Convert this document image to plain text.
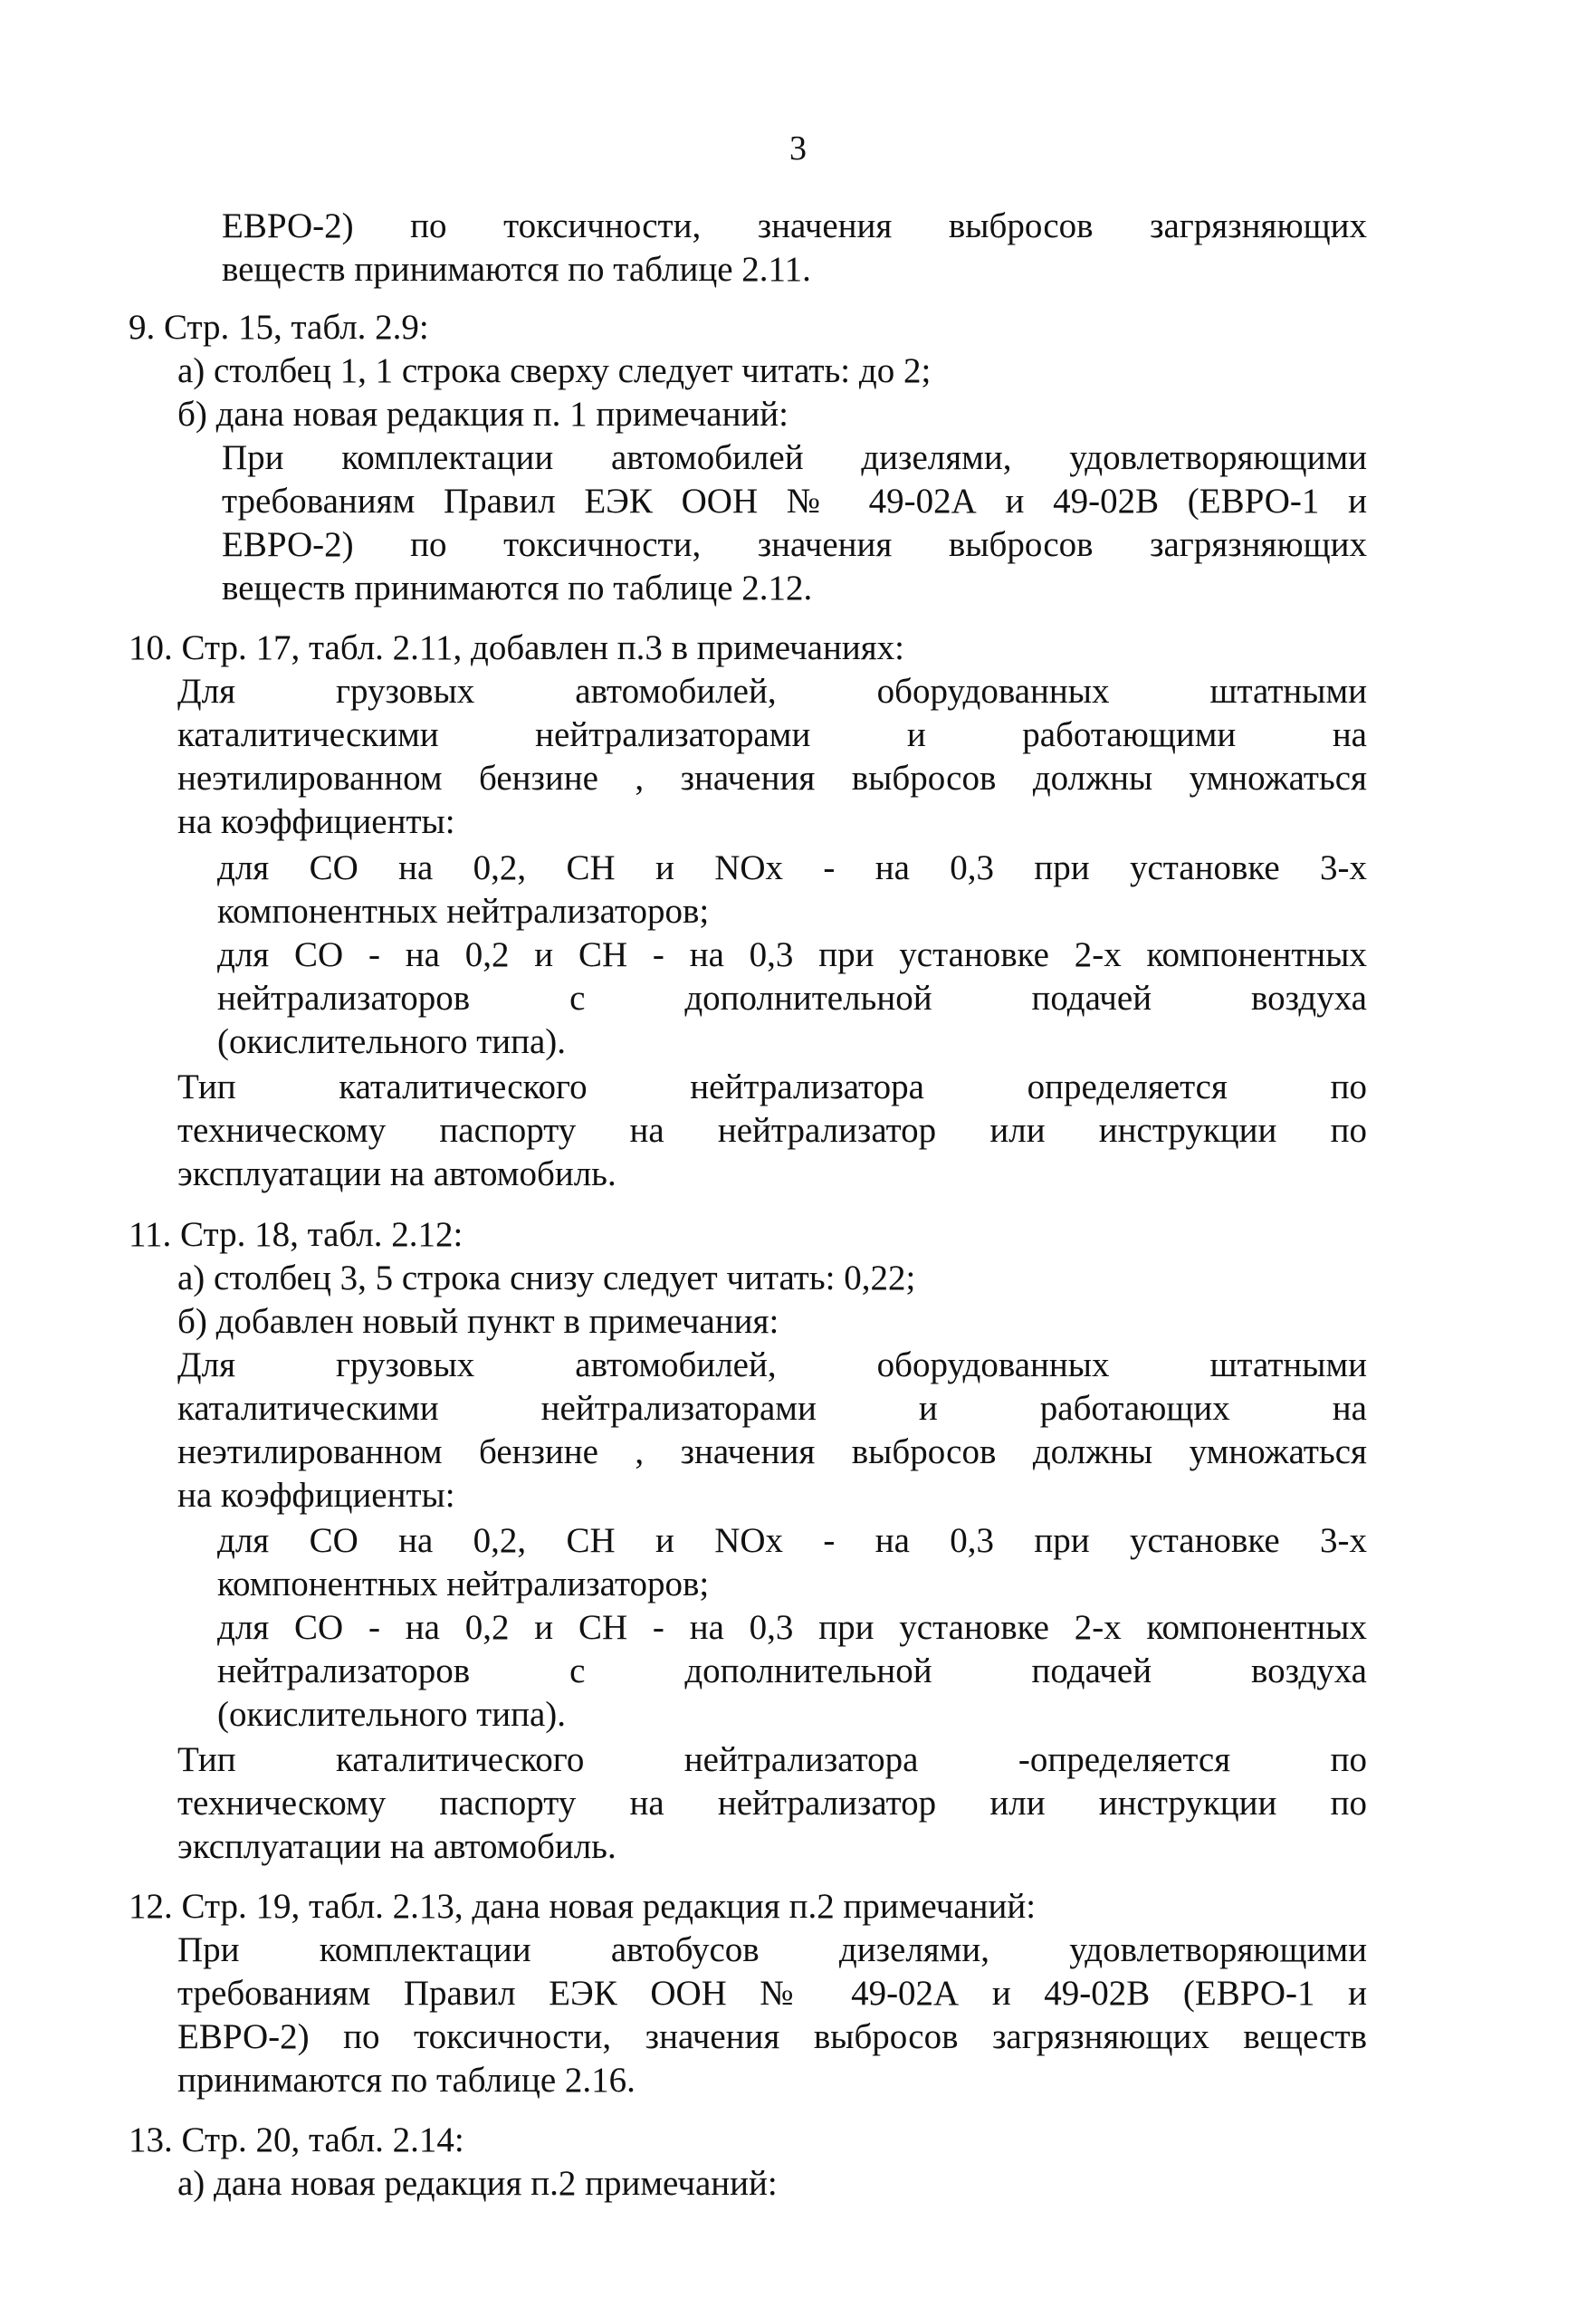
3
ЕВРО-2) по токсичности, значения выбросов загрязняющих
веществ принимаются по таблице 2.11.
9. Стр. 15, табл. 2.9:
а) столбец 1, 1 строка сверху следует читать: до 2;
б) дана новая редакция п. 1 примечаний:
При комплектации автомобилей дизелями, удовлетворяющими
требованиям Правил ЕЭК ООН № 49-02А и 49-02В (ЕВРО-1 и
ЕВРО-2) по токсичности, значения выбросов загрязняющих
веществ принимаются по таблице 2.12.
10. Стр. 17, табл. 2.11, добавлен п.3 в примечаниях:
Для грузовых автомобилей, оборудованных штатными
каталитическими нейтрализаторами и работающими на
неэтилированном бензине , значения выбросов должны умножаться
на коэффициенты:
для СО на 0,2, СН и NOx - на 0,3 при установке 3-х
компонентных нейтрализаторов;
для СО - на 0,2 и СН - на 0,3 при установке 2-х компонентных
нейтрализаторов с дополнительной подачей воздуха
(окислительного типа).
Тип каталитического нейтрализатора определяется по
техническому паспорту на нейтрализатор или инструкции по
эксплуатации на автомобиль.
11. Стр. 18, табл. 2.12:
а) столбец 3, 5 строка снизу следует читать: 0,22;
б) добавлен новый пункт в примечания:
Для грузовых автомобилей, оборудованных штатными
каталитическими нейтрализаторами и работающих на
неэтилированном бензине , значения выбросов должны умножаться
на коэффициенты:
для СО на 0,2, СН и NOx - на 0,3 при установке 3-х
компонентных нейтрализаторов;
для СО - на 0,2 и СН - на 0,3 при установке 2-х компонентных
нейтрализаторов с дополнительной подачей воздуха
(окислительного типа).
Тип каталитического нейтрализатора -определяется по
техническому паспорту на нейтрализатор или инструкции по
эксплуатации на автомобиль.
12. Стр. 19, табл. 2.13, дана новая редакция п.2 примечаний:
При комплектации автобусов дизелями, удовлетворяющими
требованиям Правил ЕЭК ООН № 49-02А и 49-02В (ЕВРО-1 и
ЕВРО-2) по токсичности, значения выбросов загрязняющих веществ
принимаются по таблице 2.16.
13. Стр. 20, табл. 2.14:
а) дана новая редакция п.2 примечаний:
